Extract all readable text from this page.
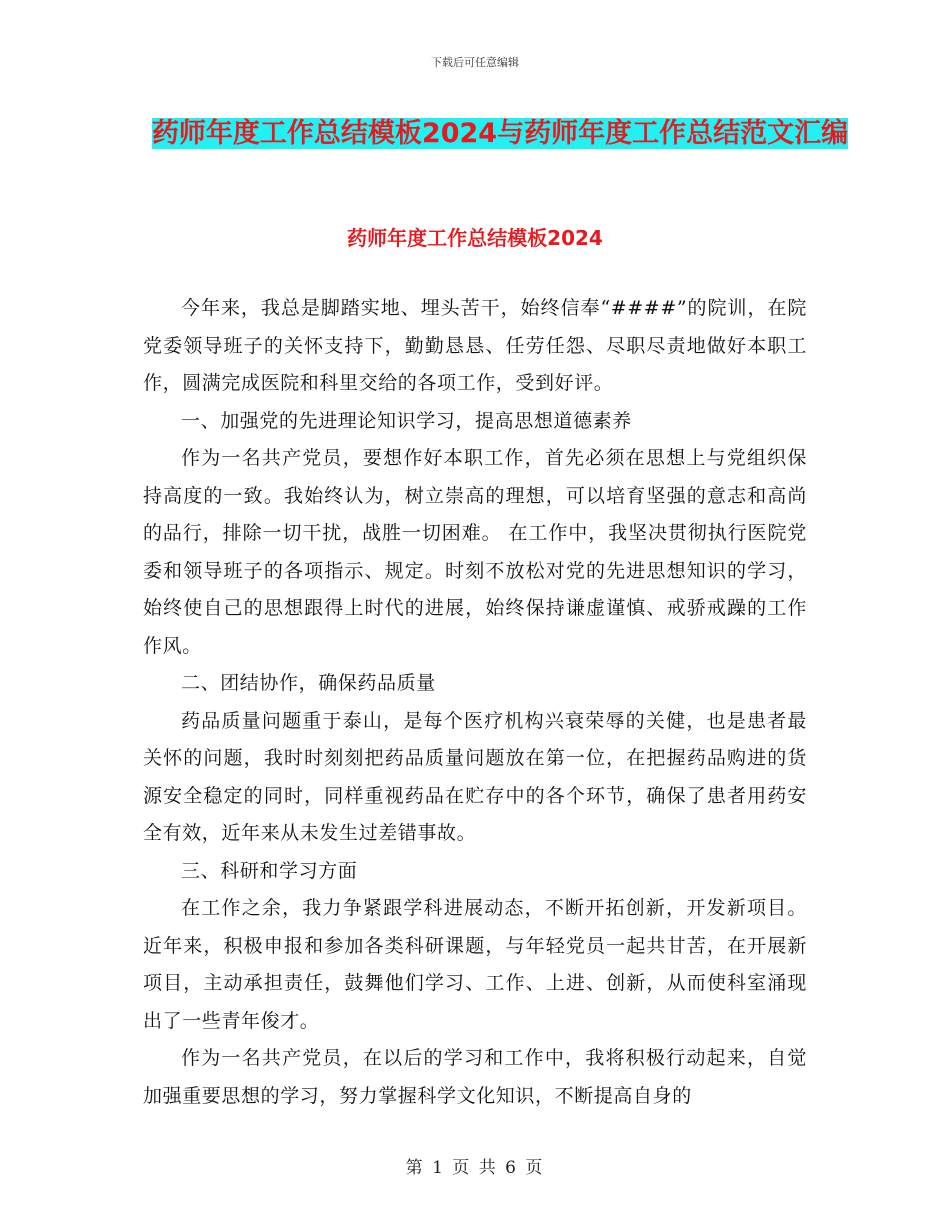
下载后可任意编辑
药师年度工作总结模板2024与药师年度工作总结范文汇编
药师年度工作总结模板2024

今年来，我总是脚踏实地、埋头苦干，始终信奉“####”的院训，在院党委领导班子的关怀支持下，勤勤恳恳、任劳任怨、尽职尽责地做好本职工作，圆满完成医院和科里交给的各项工作，受到好评。

一、加强党的先进理论知识学习，提高思想道德素养

作为一名共产党员，要想作好本职工作，首先必须在思想上与党组织保持高度的一致。我始终认为，树立崇高的理想，可以培育坚强的意志和高尚的品行，排除一切干扰，战胜一切困难。 在工作中，我坚决贯彻执行医院党委和领导班子的各项指示、规定。时刻不放松对党的先进思想知识的学习，始终使自己的思想跟得上时代的进展，始终保持谦虚谨慎、戒骄戒躁的工作作风。

二、团结协作，确保药品质量

药品质量问题重于泰山，是每个医疗机构兴衰荣辱的关健，也是患者最关怀的问题，我时时刻刻把药品质量问题放在第一位，在把握药品购进的货源安全稳定的同时，同样重视药品在贮存中的各个环节，确保了患者用药安全有效，近年来从未发生过差错事故。

三、科研和学习方面

在工作之余，我力争紧跟学科进展动态，不断开拓创新，开发新项目。近年来，积极申报和参加各类科研课题，与年轻党员一起共甘苦，在开展新项目，主动承担责任，鼓舞他们学习、工作、上进、创新，从而使科室涌现出了一些青年俊才。

作为一名共产党员，在以后的学习和工作中，我将积极行动起来，自觉加强重要思想的学习，努力掌握科学文化知识，不断提高自身的

第 1 页 共 6 页
